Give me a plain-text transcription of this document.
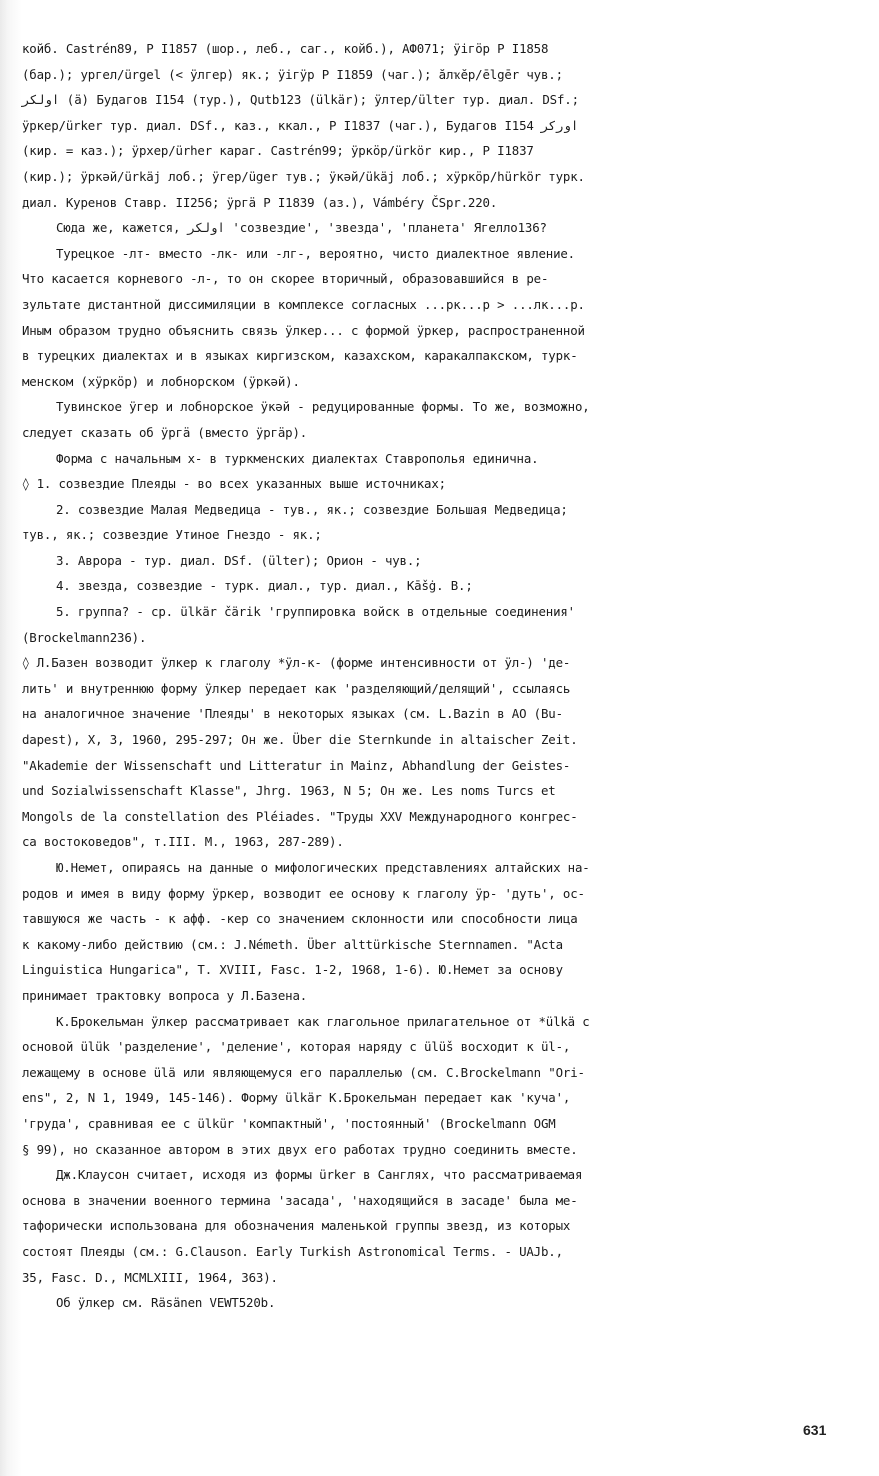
койб. Castrén89, Р I1857 (шор., леб., саг., койб.), АФ071; ӱігӧр Р I1858
(бар.); ургел/ürgel (< ӱлгер) як.; ӱігӱр Р I1859 (чаг.); ӑлҡӗр/ēlgēr чув.;
اولکر (ä) Будагов I154 (тур.), Qutb123 (ülkär); ӱлтер/ülter тур. диал. DSf.;
ӱркер/ürker тур. диал. DSf., каз., ккал., Р I1837 (чаг.), Будагов I154 اورکر
(кир. = каз.); ӱрхер/ürher караг. Castrén99; ӱркӧр/ürkör кир., Р I1837
(кир.); ӱркәй/ürkäj лоб.; ӱгер/üger тув.; ӱкәй/ükäj лоб.; хӱркӧр/hürkör турк.
диал. Куренов Ставр. II256; ӱргӓ Р I1839 (аз.), Vámbéry ČSpr.220.
Сюда же, кажется, اولکر 'созвездие', 'звезда', 'планета' Ягелло136?
Турецкое -лт- вместо -лк- или -лг-, вероятно, чисто диалектное явление.
Что касается корневого -л-, то он скорее вторичный, образовавшийся в ре-
зультате дистантной диссимиляции в комплексе согласных ...рк...р > ...лк...р.
Иным образом трудно объяснить связь ӱлкер... с формой ӱркер, распространенной
в турецких диалектах и в языках киргизском, казахском, каракалпакском, турк-
менском (хӱркӧр) и лобнорском (ӱркәй).
Тувинское ӱгер и лобнорское ӱкәй - редуцированные формы. То же, возможно,
следует сказать об ӱргӓ (вместо ӱргӓр).
Форма с начальным х- в туркменских диалектах Ставрополья единична.
◊ 1. созвездие Плеяды - во всех указанных выше источниках;
2. созвездие Малая Медведица - тув., як.; созвездие Большая Медведица;
тув., як.; созвездие Утиное Гнездо - як.;
3. Аврора - тур. диал. DSf. (ülter); Орион - чув.;
4. звезда, созвездие - турк. диал., тур. диал., Kāšġ. В.;
5. группа? - ср. ülkär čärik 'группировка войск в отдельные соединения'
(Brockelmann236).
◊ Л.Базен возводит ӱлкер к глаголу *ӱл-к- (форме интенсивности от ӱл-) 'де-
лить' и внутреннюю форму ӱлкер передает как 'разделяющий/делящий', ссылаясь
на аналогичное значение 'Плеяды' в некоторых языках (см. L.Bazin в AO (Bu-
dapest), X, 3, 1960, 295-297; Он же. Über die Sternkunde in altaischer Zeit.
"Akademie der Wissenschaft und Litteratur in Mainz, Abhandlung der Geistes-
und Sozialwissenschaft Klasse", Jhrg. 1963, N 5; Он же. Les noms Turcs et
Mongols de la constellation des Pléiades. "Труды XXV Международного конгрес-
са востоковедов", т.III. М., 1963, 287-289).
Ю.Немет, опираясь на данные о мифологических представлениях алтайских на-
родов и имея в виду форму ӱркер, возводит ее основу к глаголу ӱр- 'дуть', ос-
тавшуюся же часть - к афф. -кер со значением склонности или способности лица
к какому-либо действию (см.: J.Németh. Über alttürkische Sternnamen. "Acta
Linguistica Hungarica", T. XVIII, Fasc. 1-2, 1968, 1-6). Ю.Немет за основу
принимает трактовку вопроса у Л.Базена.
К.Брокельман ӱлкер рассматривает как глагольное прилагательное от *ülkä с
основой ülük 'разделение', 'деление', которая наряду с ülüš восходит к ül-,
лежащему в основе ülä или являющемуся его параллелью (см. C.Brockelmann "Ori-
ens", 2, N 1, 1949, 145-146). Форму ülkär К.Брокельман передает как 'куча',
'груда', сравнивая ее с ülkür 'компактный', 'постоянный' (Brockelmann OGM
§ 99), но сказанное автором в этих двух его работах трудно соединить вместе.
Дж.Клаусон считает, исходя из формы ürker в Санглях, что рассматриваемая
основа в значении военного термина 'засада', 'находящийся в засаде' была ме-
тафорически использована для обозначения маленькой группы звезд, из которых
состоят Плеяды (см.: G.Clauson. Early Turkish Astronomical Terms. - UAJb.,
35, Fasc. D., MCMLXIII, 1964, 363).
Об ӱлкер см. Räsänen VEWT520b.
631
